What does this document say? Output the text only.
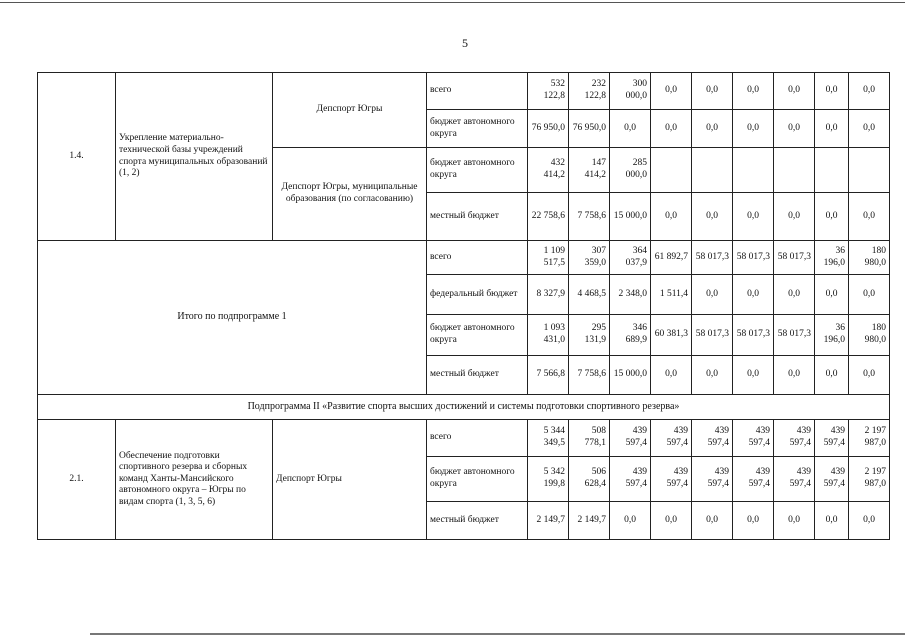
5
1.4.	Укрепление материально-технической базы учреждений спорта муниципальных образований (1, 2)	Депспорт Югры	всего	532 122,8	232 122,8	300 000,0	0,0	0,0	0,0	0,0	0,0	0,0
			бюджет автономного округа	76 950,0	76 950,0	0,0	0,0	0,0	0,0	0,0	0,0	0,0
		Депспорт Югры, муниципальные образования (по согласованию)	бюджет автономного округа	432 414,2	147 414,2	285 000,0						
			местный бюджет	22 758,6	7 758,6	15 000,0	0,0	0,0	0,0	0,0	0,0	0,0
Итого по подпрограмме 1			всего	1 109 517,5	307 359,0	364 037,9	61 892,7	58 017,3	58 017,3	58 017,3	36 196,0	180 980,0
			федеральный бюджет	8 327,9	4 468,5	2 348,0	1 511,4	0,0	0,0	0,0	0,0	0,0
			бюджет автономного округа	1 093 431,0	295 131,9	346 689,9	60 381,3	58 017,3	58 017,3	58 017,3	36 196,0	180 980,0
			местный бюджет	7 566,8	7 758,6	15 000,0	0,0	0,0	0,0	0,0	0,0	0,0
Подпрограмма II «Развитие спорта высших достижений и системы подготовки спортивного резерва»												
2.1.	Обеспечение подготовки спортивного резерва и сборных команд Ханты-Мансийского автономного округа – Югры по видам спорта (1, 3, 5, 6)	Депспорт Югры	всего	5 344 349,5	508 778,1	439 597,4	439 597,4	439 597,4	439 597,4	439 597,4	439 597,4	2 197 987,0
			бюджет автономного округа	5 342 199,8	506 628,4	439 597,4	439 597,4	439 597,4	439 597,4	439 597,4	439 597,4	2 197 987,0
			местный бюджет	2 149,7	2 149,7	0,0	0,0	0,0	0,0	0,0	0,0	0,0
